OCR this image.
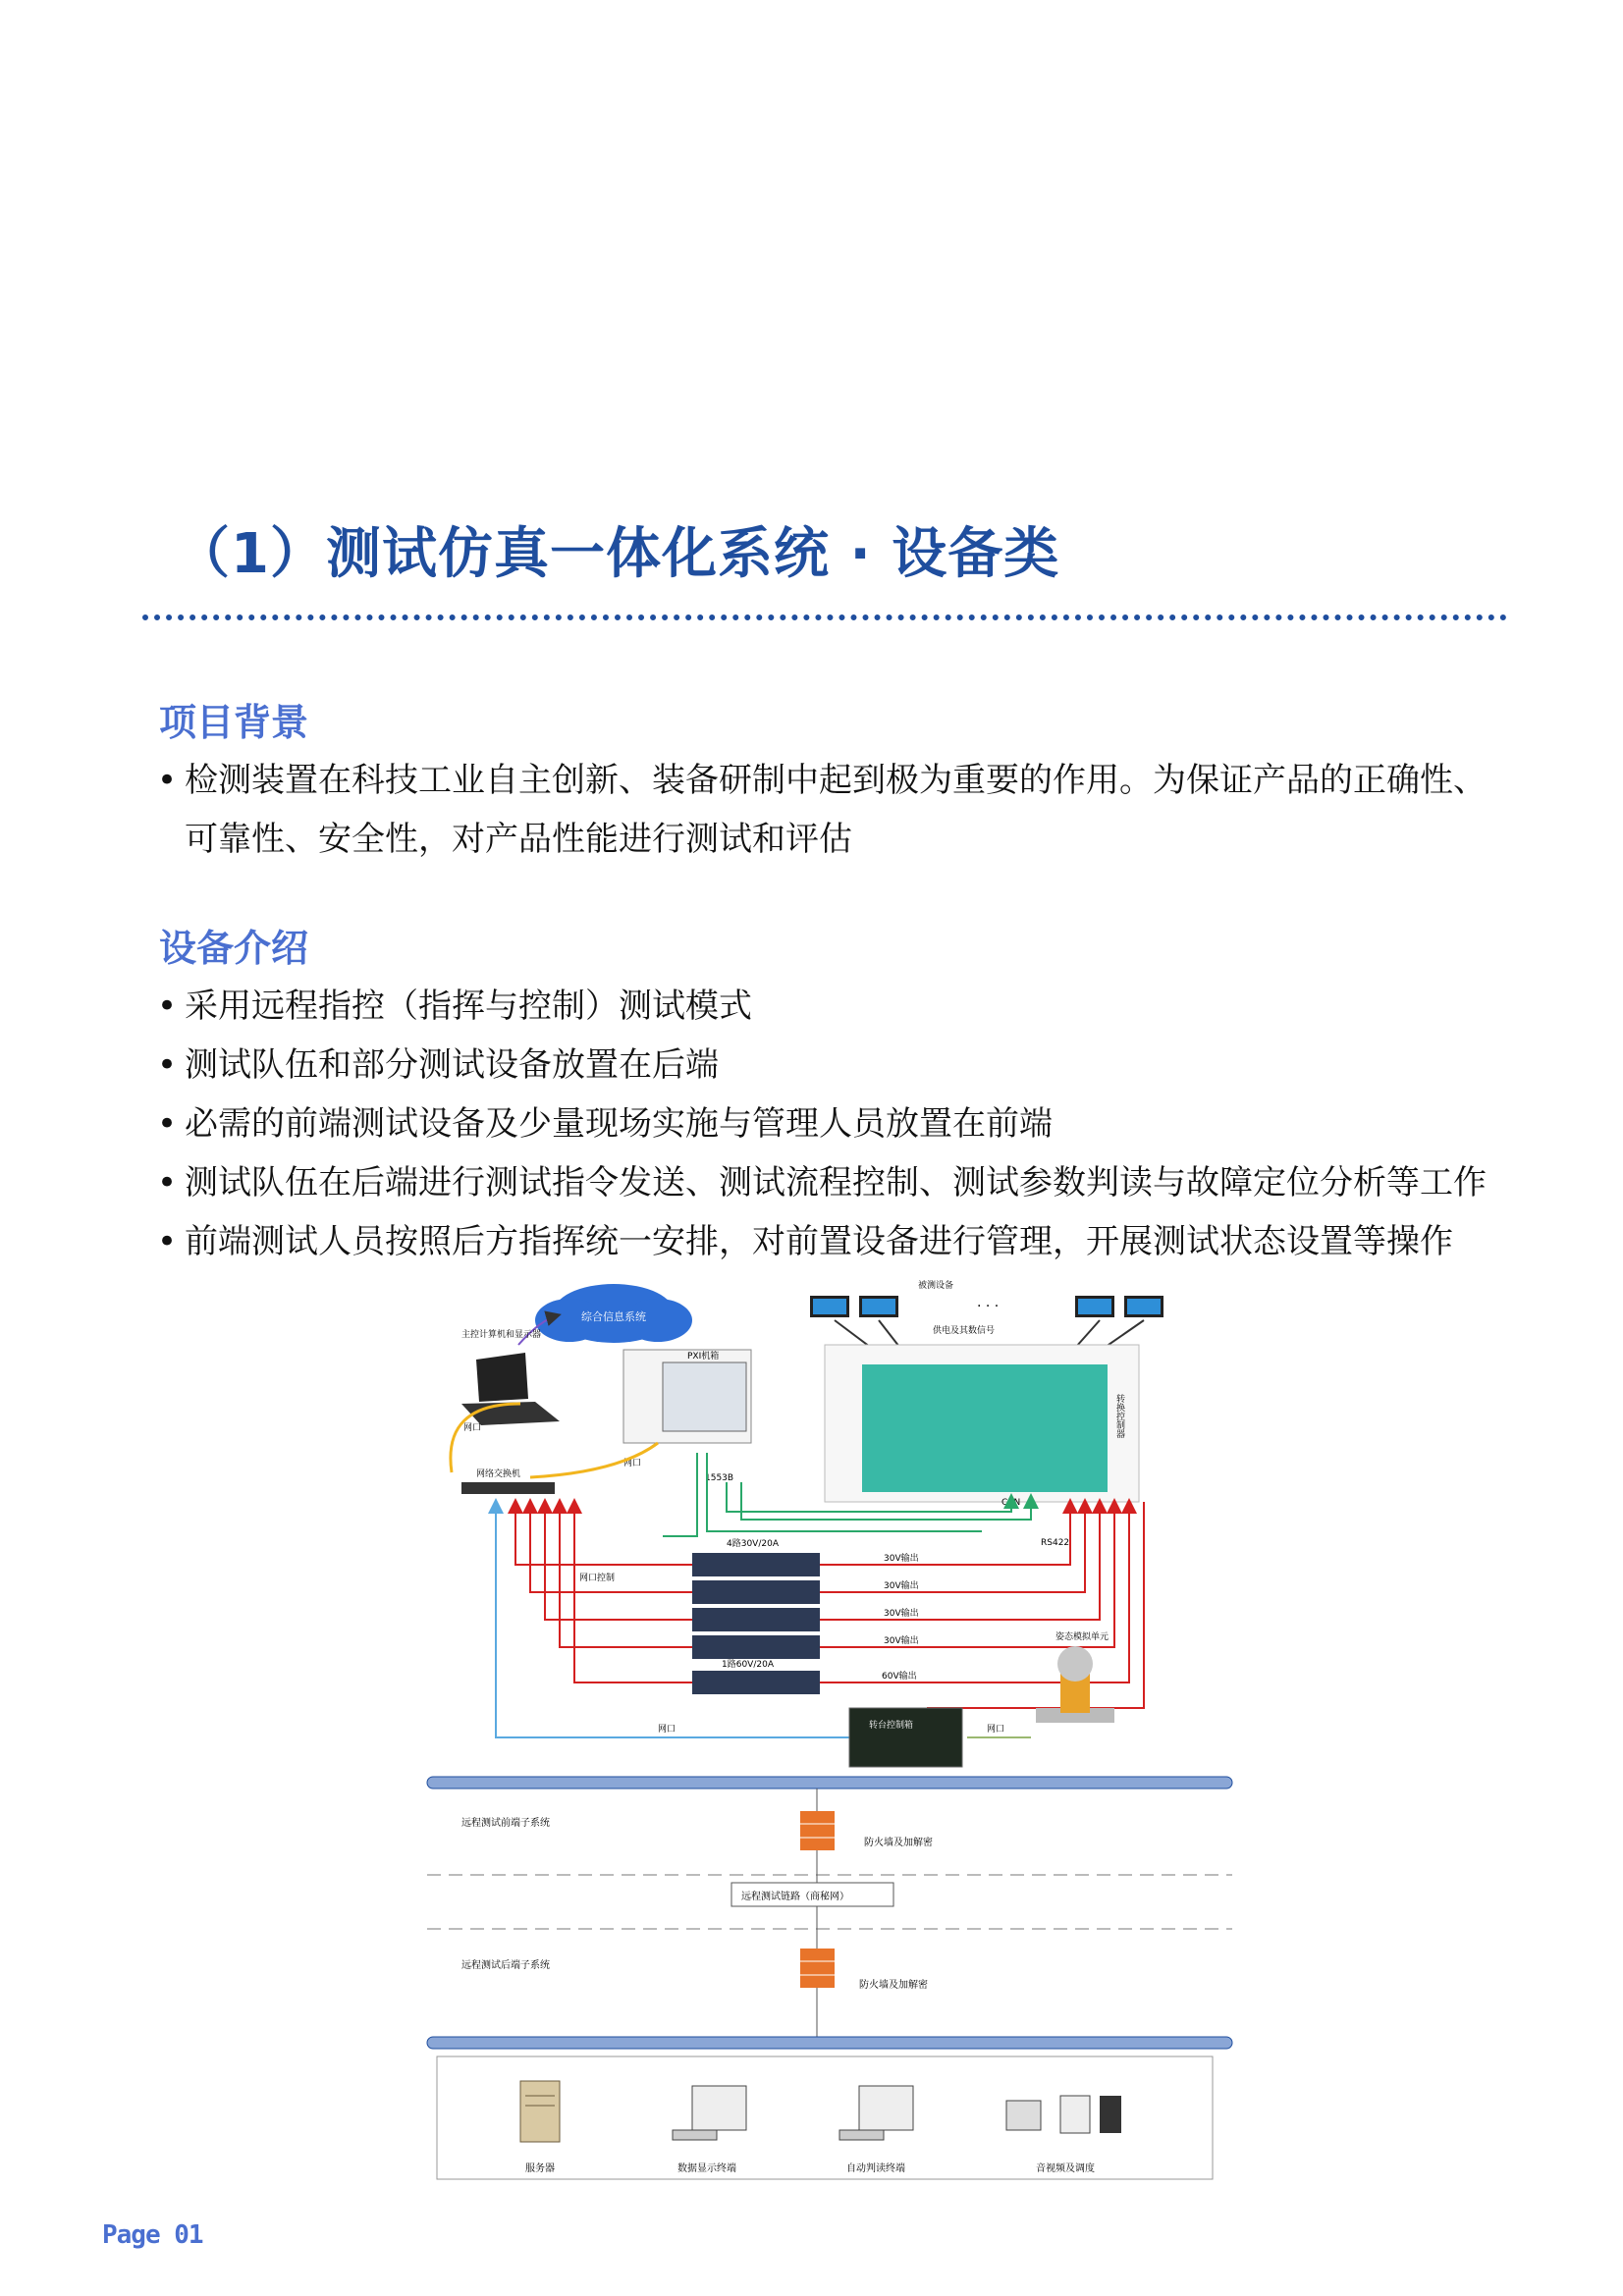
（1）测试仿真一体化系统 · 设备类
项目背景
• 检测装置在科技工业自主创新、装备研制中起到极为重要的作用。为保证产品的正确性、可靠性、安全性，对产品性能进行测试和评估
设备介绍
• 采用远程指控（指挥与控制）测试模式
• 测试队伍和部分测试设备放置在后端
• 必需的前端测试设备及少量现场实施与管理人员放置在前端
• 测试队伍在后端进行测试指令发送、测试流程控制、测试参数判读与故障定位分析等工作
• 前端测试人员按照后方指挥统一安排，对前置设备进行管理，开展测试状态设置等操作
综合信息系统
主控计算机和显示器
网口
PXI机箱
1553B
网口
网络交换机
被测设备
· · ·
供电及其数信号
转换控制器
CAN
RS422
4路30V/20A
1路60V/20A
网口控制
30V输出
30V输出
30V输出
30V输出
60V输出
网口	转台控制箱	网口
姿态模拟单元
远程测试前端子系统
防火墙及加解密
远程测试链路（商秘网）
远程测试后端子系统
防火墙及加解密
服务器	数据显示终端	自动判读终端	音视频及调度
Page 01
